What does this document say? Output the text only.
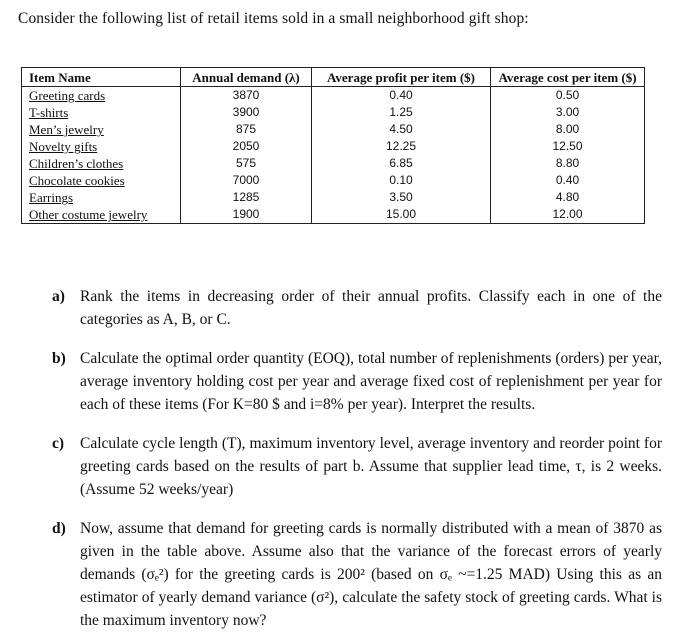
Consider the following list of retail items sold in a small neighborhood gift shop:
Item Name	Annual demand (λ)	Average profit per item ($)	Average cost per item ($)
Greeting cards	3870	0.40	0.50
T-shirts	3900	1.25	3.00
Men’s jewelry	875	4.50	8.00
Novelty gifts	2050	12.25	12.50
Children’s clothes	575	6.85	8.80
Chocolate cookies	7000	0.10	0.40
Earrings	1285	3.50	4.80
Other costume jewelry	1900	15.00	12.00
a) Rank the items in decreasing order of their annual profits. Classify each in one of the categories as A, B, or C.
b) Calculate the optimal order quantity (EOQ), total number of replenishments (orders) per year, average inventory holding cost per year and average fixed cost of replenishment per year for each of these items (For K=80 $ and i=8% per year). Interpret the results.
c) Calculate cycle length (T), maximum inventory level, average inventory and reorder point for greeting cards based on the results of part b. Assume that supplier lead time, τ, is 2 weeks. (Assume 52 weeks/year)
d) Now, assume that demand for greeting cards is normally distributed with a mean of 3870 as given in the table above. Assume also that the variance of the forecast errors of yearly demands (σₑ²) for the greeting cards is 200² (based on σₑ ~=1.25 MAD) Using this as an estimator of yearly demand variance (σ²), calculate the safety stock of greeting cards. What is the maximum inventory now?
